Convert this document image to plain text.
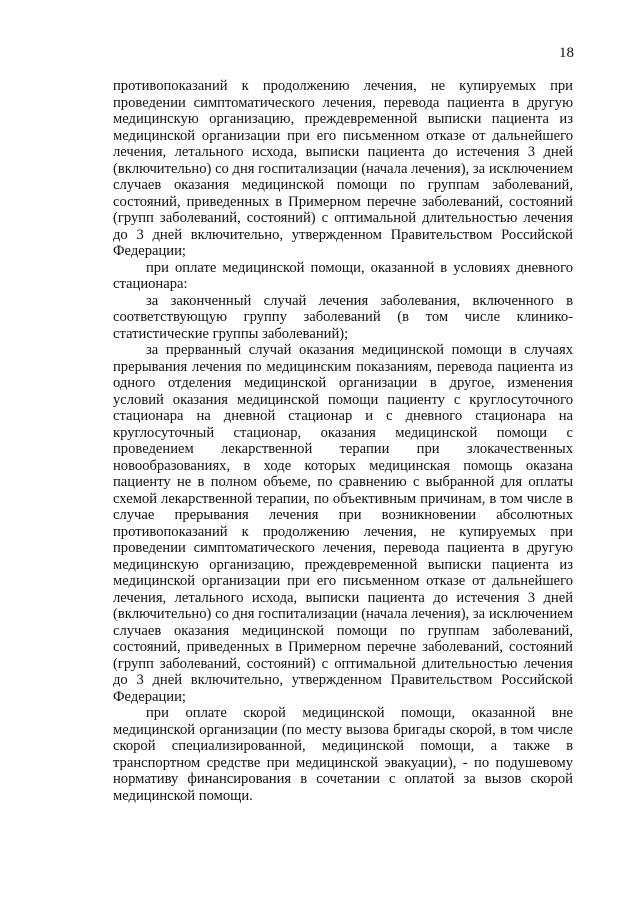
18

противопоказаний к продолжению лечения, не купируемых при проведении симптоматического лечения, перевода пациента в другую медицинскую организацию, преждевременной выписки пациента из медицинской организации при его письменном отказе от дальнейшего лечения, летального исхода, выписки пациента до истечения 3 дней (включительно) со дня госпитализации (начала лечения), за исключением случаев оказания медицинской помощи по группам заболеваний, состояний, приведенных в Примерном перечне заболеваний, состояний (групп заболеваний, состояний) с оптимальной длительностью лечения до 3 дней включительно, утвержденном Правительством Российской Федерации;

при оплате медицинской помощи, оказанной в условиях дневного стационара:

за законченный случай лечения заболевания, включенного в соответствующую группу заболеваний (в том числе клинико-статистические группы заболеваний);

за прерванный случай оказания медицинской помощи в случаях прерывания лечения по медицинским показаниям, перевода пациента из одного отделения медицинской организации в другое, изменения условий оказания медицинской помощи пациенту с круглосуточного стационара на дневной стационар и с дневного стационара на круглосуточный стационар, оказания медицинской помощи с проведением лекарственной терапии при злокачественных новообразованиях, в ходе которых медицинская помощь оказана пациенту не в полном объеме, по сравнению с выбранной для оплаты схемой лекарственной терапии, по объективным причинам, в том числе в случае прерывания лечения при возникновении абсолютных противопоказаний к продолжению лечения, не купируемых при проведении симптоматического лечения, перевода пациента в другую медицинскую организацию, преждевременной выписки пациента из медицинской организации при его письменном отказе от дальнейшего лечения, летального исхода, выписки пациента до истечения 3 дней (включительно) со дня госпитализации (начала лечения), за исключением случаев оказания медицинской помощи по группам заболеваний, состояний, приведенных в Примерном перечне заболеваний, состояний (групп заболеваний, состояний) с оптимальной длительностью лечения до 3 дней включительно, утвержденном Правительством Российской Федерации;

при оплате скорой медицинской помощи, оказанной вне медицинской организации (по месту вызова бригады скорой, в том числе скорой специализированной, медицинской помощи, а также в транспортном средстве при медицинской эвакуации), - по подушевому нормативу финансирования в сочетании с оплатой за вызов скорой медицинской помощи.
